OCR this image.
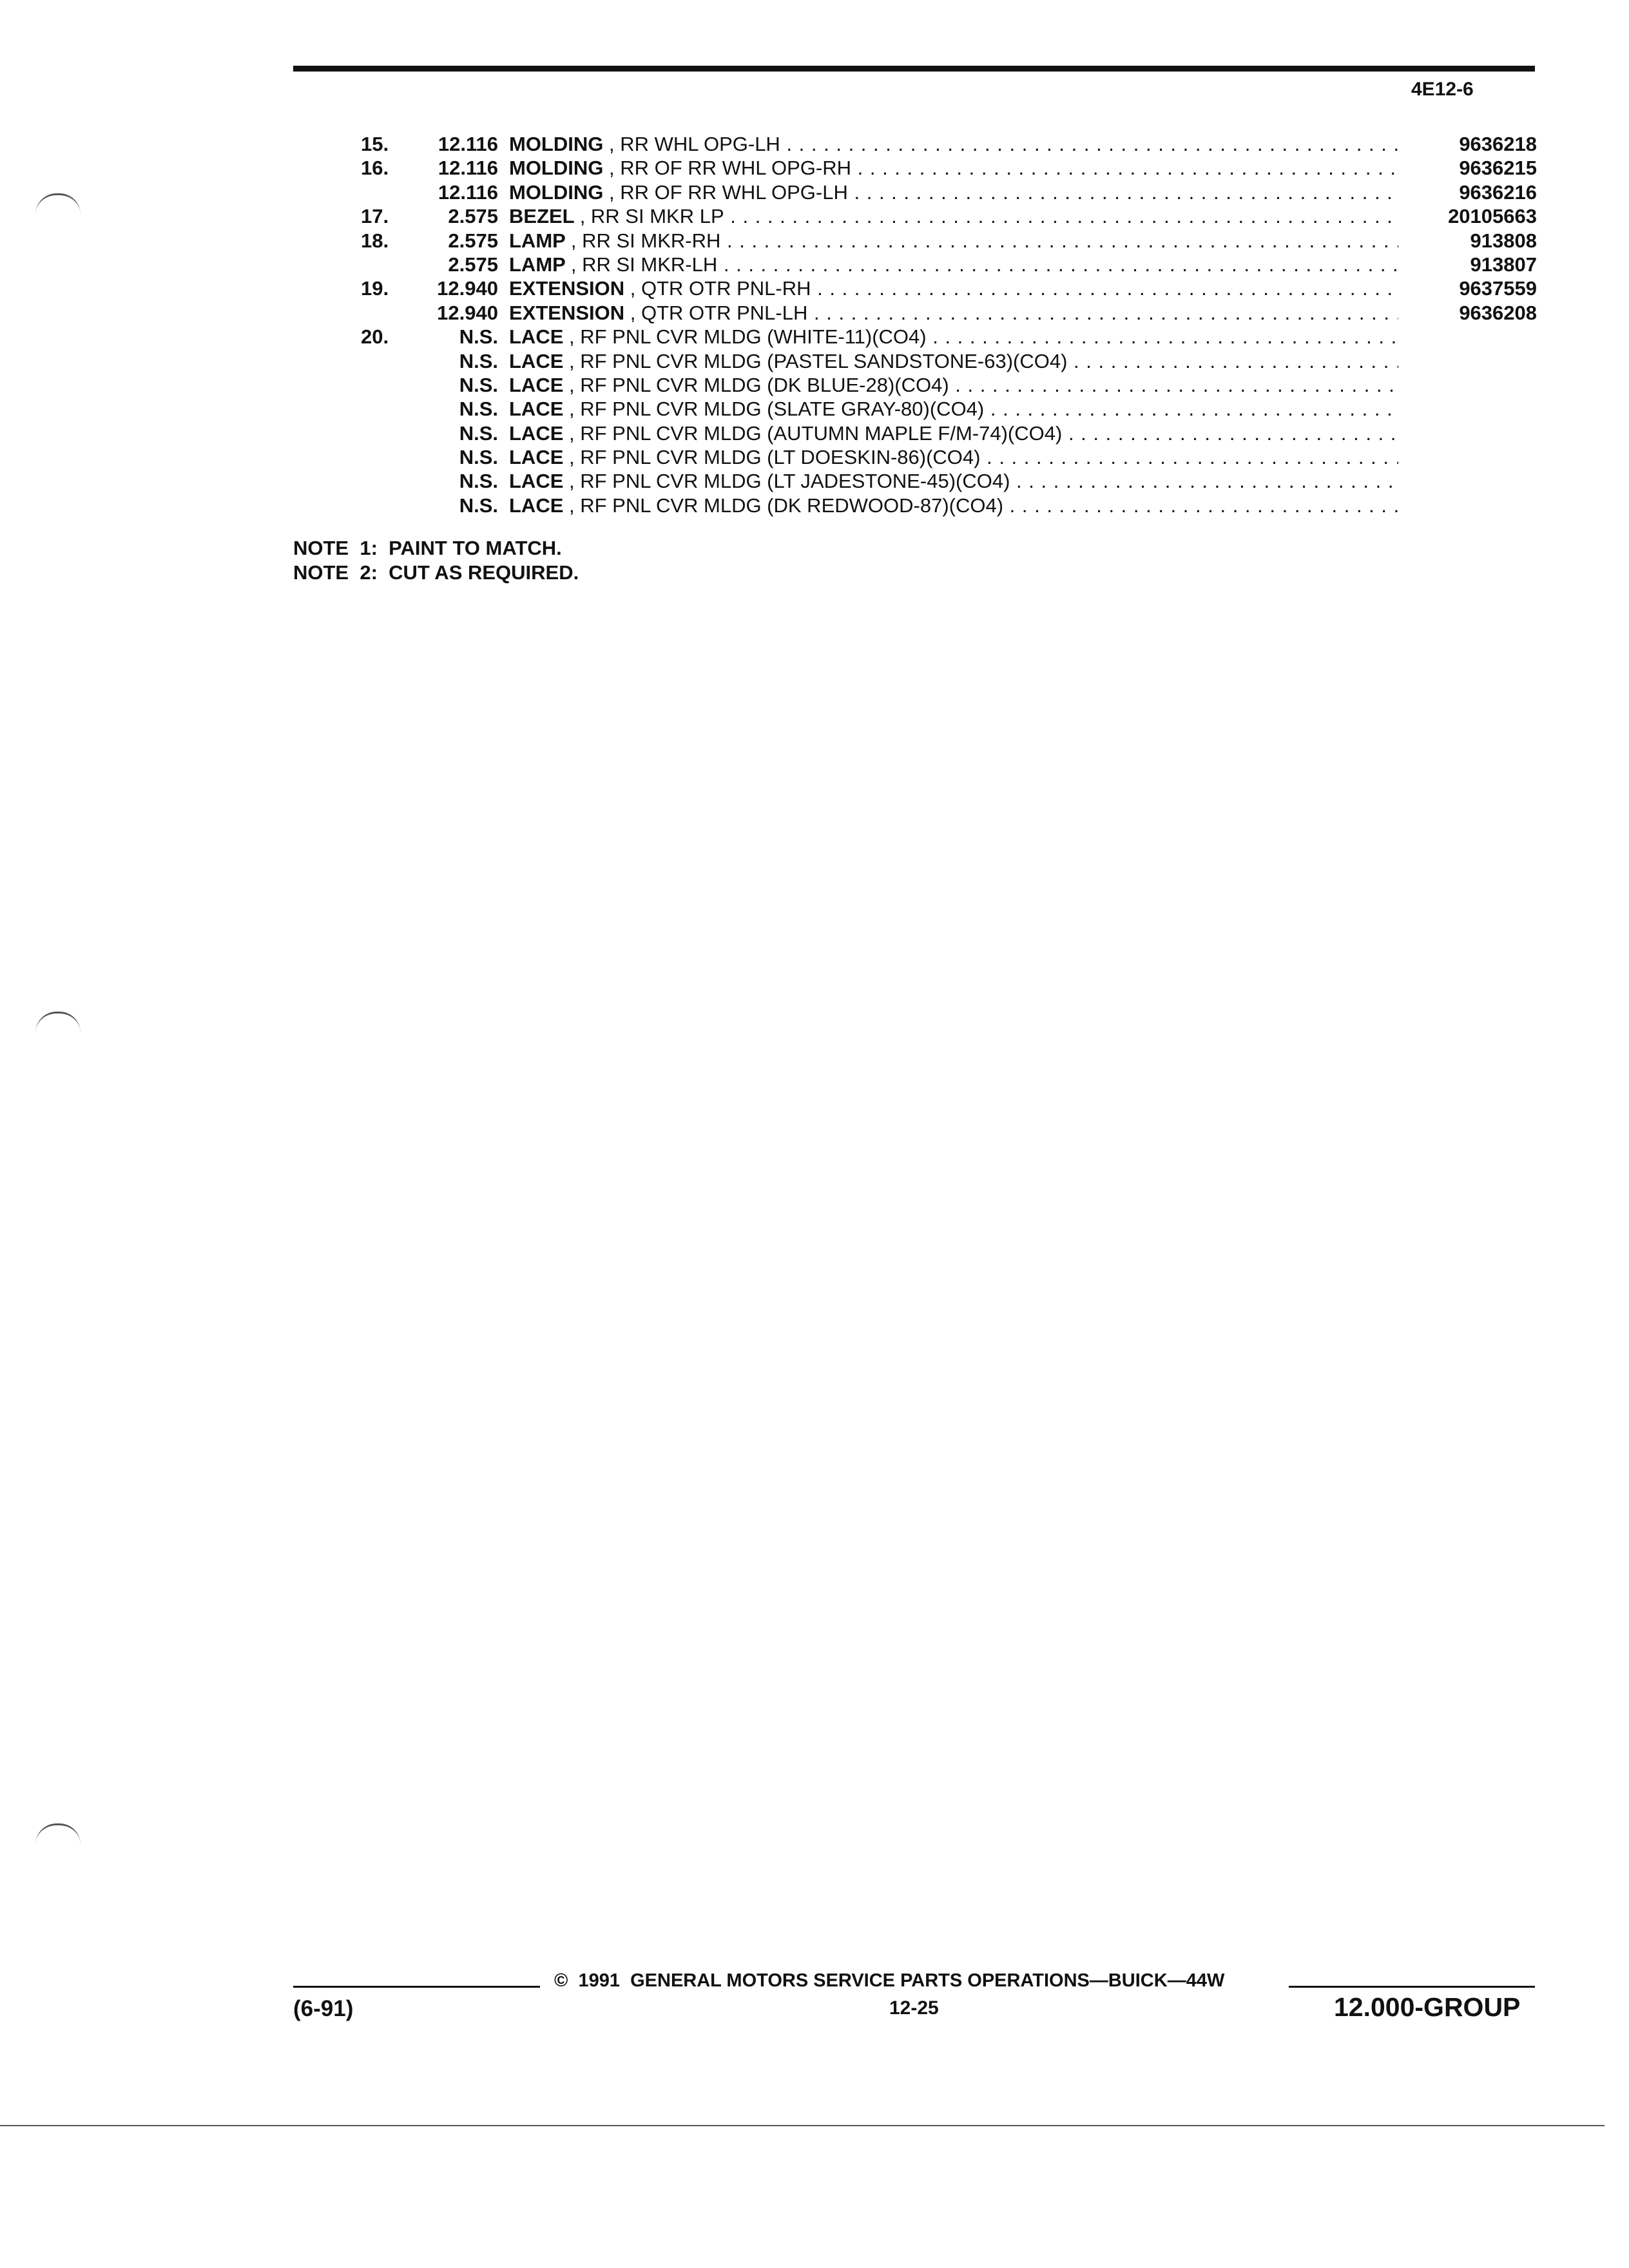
4E12-6
15.	12.116 MOLDING , RR WHL OPG-LH . . .	9636218
16.	12.116 MOLDING , RR OF RR WHL OPG-RH . . .	9636215
12.116 MOLDING , RR OF RR WHL OPG-LH . . .	9636216
17.	2.575 BEZEL , RR SI MKR LP . . .	20105663
18.	2.575 LAMP , RR SI MKR-RH . . .	913808
2.575 LAMP , RR SI MKR-LH . . .	913807
19.	12.940 EXTENSION , QTR OTR PNL-RH . . .	9637559
12.940 EXTENSION , QTR OTR PNL-LH . . .	9636208
20.	N.S. LACE , RF PNL CVR MLDG (WHITE-11)(CO4) . . .
N.S. LACE , RF PNL CVR MLDG (PASTEL SANDSTONE-63)(CO4) . . .
N.S. LACE , RF PNL CVR MLDG (DK BLUE-28)(CO4) . . .
N.S. LACE , RF PNL CVR MLDG (SLATE GRAY-80)(CO4) . . .
N.S. LACE , RF PNL CVR MLDG (AUTUMN MAPLE F/M-74)(CO4) . . .
N.S. LACE , RF PNL CVR MLDG (LT DOESKIN-86)(CO4) . . .
N.S. LACE , RF PNL CVR MLDG (LT JADESTONE-45)(CO4) . . .
N.S. LACE , RF PNL CVR MLDG (DK REDWOOD-87)(CO4) . . .
NOTE  1:  PAINT TO MATCH.
NOTE  2:  CUT AS REQUIRED.
©  1991  GENERAL MOTORS SERVICE PARTS OPERATIONS—BUICK—44W
(6-91)	12-25	12.000-GROUP
